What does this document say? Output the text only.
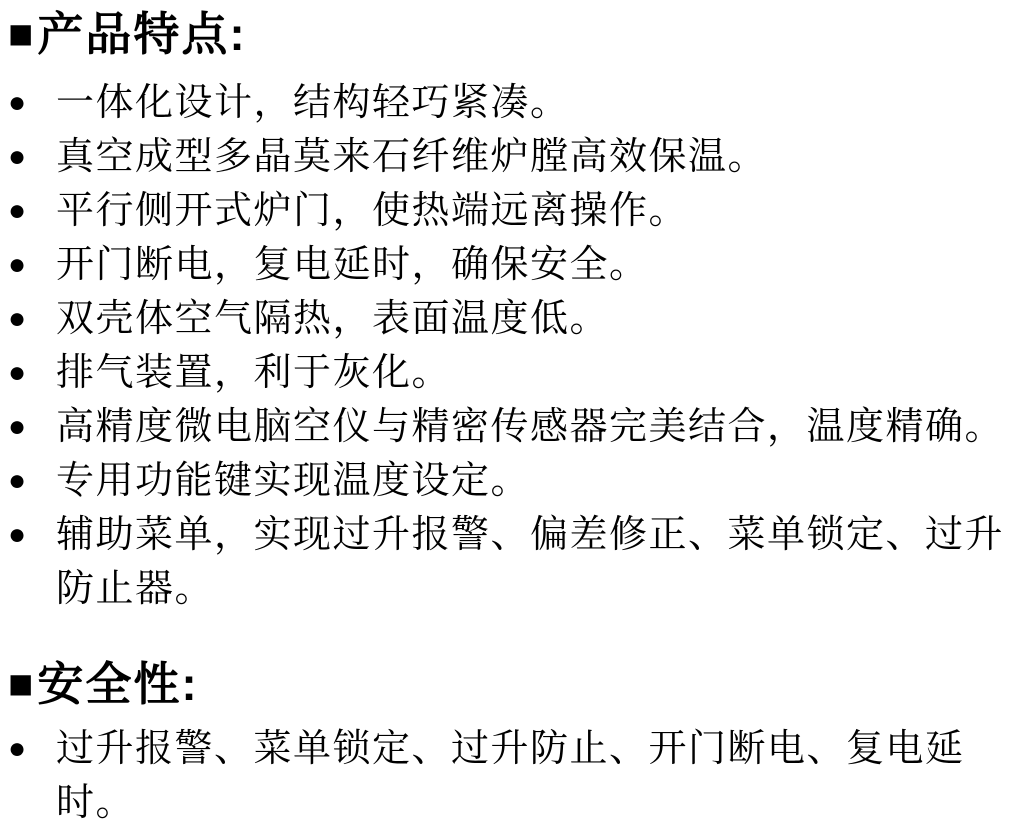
■ 产品特点:
● 一体化设计，结构轻巧紧凑。
● 真空成型多晶莫来石纤维炉膛高效保温。
● 平行侧开式炉门，使热端远离操作。
● 开门断电，复电延时，确保安全。
● 双壳体空气隔热，表面温度低。
● 排气装置，利于灰化。
● 高精度微电脑空仪与精密传感器完美结合，温度精确。
● 专用功能键实现温度设定。
● 辅助菜单，实现过升报警、偏差修正、菜单锁定、过升防止器。
■ 安全性:
● 过升报警、菜单锁定、过升防止、开门断电、复电延时。
